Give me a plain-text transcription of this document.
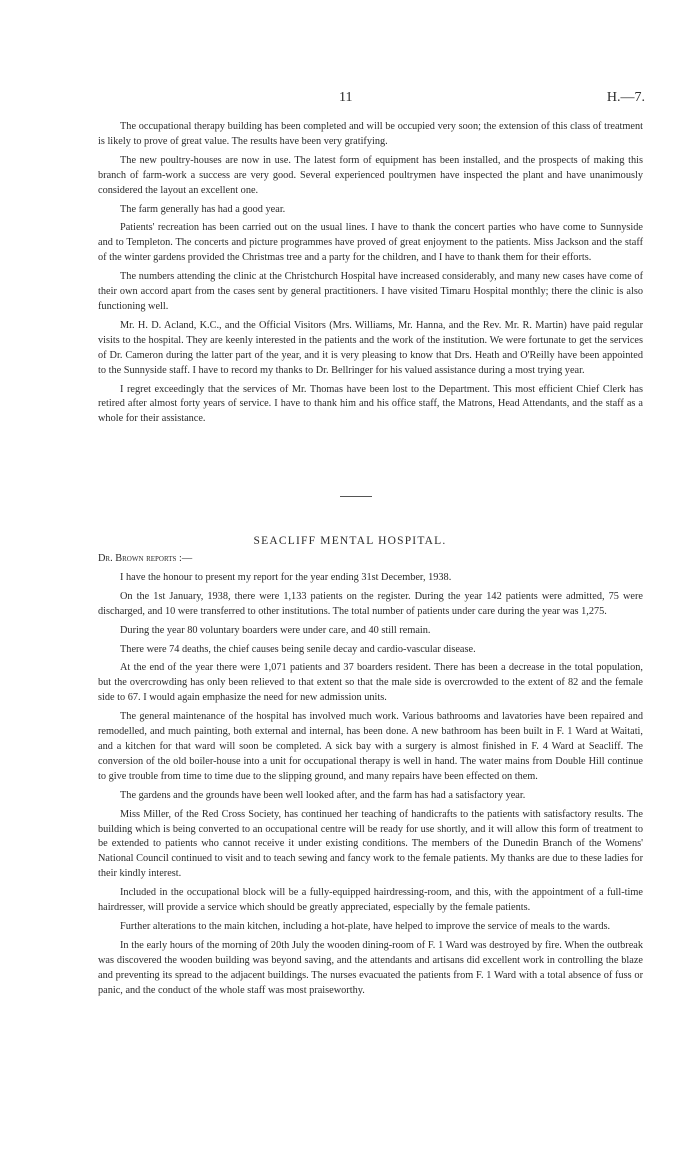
11	H.—7.

The occupational therapy building has been completed and will be occupied very soon; the extension of this class of treatment is likely to prove of great value. The results have been very gratifying.

The new poultry-houses are now in use. The latest form of equipment has been installed, and the prospects of making this branch of farm-work a success are very good. Several experienced poultrymen have inspected the plant and have unanimously considered the layout an excellent one.

The farm generally has had a good year.

Patients' recreation has been carried out on the usual lines. I have to thank the concert parties who have come to Sunnyside and to Templeton. The concerts and picture programmes have proved of great enjoyment to the patients. Miss Jackson and the staff of the winter gardens provided the Christmas tree and a party for the children, and I have to thank them for their efforts.

The numbers attending the clinic at the Christchurch Hospital have increased considerably, and many new cases have come of their own accord apart from the cases sent by general practitioners. I have visited Timaru Hospital monthly; there the clinic is also functioning well.

Mr. H. D. Acland, K.C., and the Official Visitors (Mrs. Williams, Mr. Hanna, and the Rev. Mr. R. Martin) have paid regular visits to the hospital. They are keenly interested in the patients and the work of the institution. We were fortunate to get the services of Dr. Cameron during the latter part of the year, and it is very pleasing to know that Drs. Heath and O'Reilly have been appointed to the Sunnyside staff. I have to record my thanks to Dr. Bellringer for his valued assistance during a most trying year.

I regret exceedingly that the services of Mr. Thomas have been lost to the Department. This most efficient Chief Clerk has retired after almost forty years of service. I have to thank him and his office staff, the Matrons, Head Attendants, and the staff as a whole for their assistance.

SEACLIFF MENTAL HOSPITAL.

Dr. Brown reports :—

I have the honour to present my report for the year ending 31st December, 1938.

On the 1st January, 1938, there were 1,133 patients on the register. During the year 142 patients were admitted, 75 were discharged, and 10 were transferred to other institutions. The total number of patients under care during the year was 1,275.

During the year 80 voluntary boarders were under care, and 40 still remain.

There were 74 deaths, the chief causes being senile decay and cardio-vascular disease.

At the end of the year there were 1,071 patients and 37 boarders resident. There has been a decrease in the total population, but the overcrowding has only been relieved to that extent so that the male side is overcrowded to the extent of 82 and the female side to 67. I would again emphasize the need for new admission units.

The general maintenance of the hospital has involved much work. Various bathrooms and lavatories have been repaired and remodelled, and much painting, both external and internal, has been done. A new bathroom has been built in F. 1 Ward at Waitati, and a kitchen for that ward will soon be completed. A sick bay with a surgery is almost finished in F. 4 Ward at Seacliff. The conversion of the old boiler-house into a unit for occupational therapy is well in hand. The water mains from Double Hill continue to give trouble from time to time due to the slipping ground, and many repairs have been effected on them.

The gardens and the grounds have been well looked after, and the farm has had a satisfactory year.

Miss Miller, of the Red Cross Society, has continued her teaching of handicrafts to the patients with satisfactory results. The building which is being converted to an occupational centre will be ready for use shortly, and it will allow this form of treatment to be extended to patients who cannot receive it under existing conditions. The members of the Dunedin Branch of the Womens' National Council continued to visit and to teach sewing and fancy work to the female patients. My thanks are due to these ladies for their kindly interest.

Included in the occupational block will be a fully-equipped hairdressing-room, and this, with the appointment of a full-time hairdresser, will provide a service which should be greatly appreciated, especially by the female patients.

Further alterations to the main kitchen, including a hot-plate, have helped to improve the service of meals to the wards.

In the early hours of the morning of 20th July the wooden dining-room of F. 1 Ward was destroyed by fire. When the outbreak was discovered the wooden building was beyond saving, and the attendants and artisans did excellent work in controlling the blaze and preventing its spread to the adjacent buildings. The nurses evacuated the patients from F. 1 Ward with a total absence of fuss or panic, and the conduct of the whole staff was most praiseworthy.
